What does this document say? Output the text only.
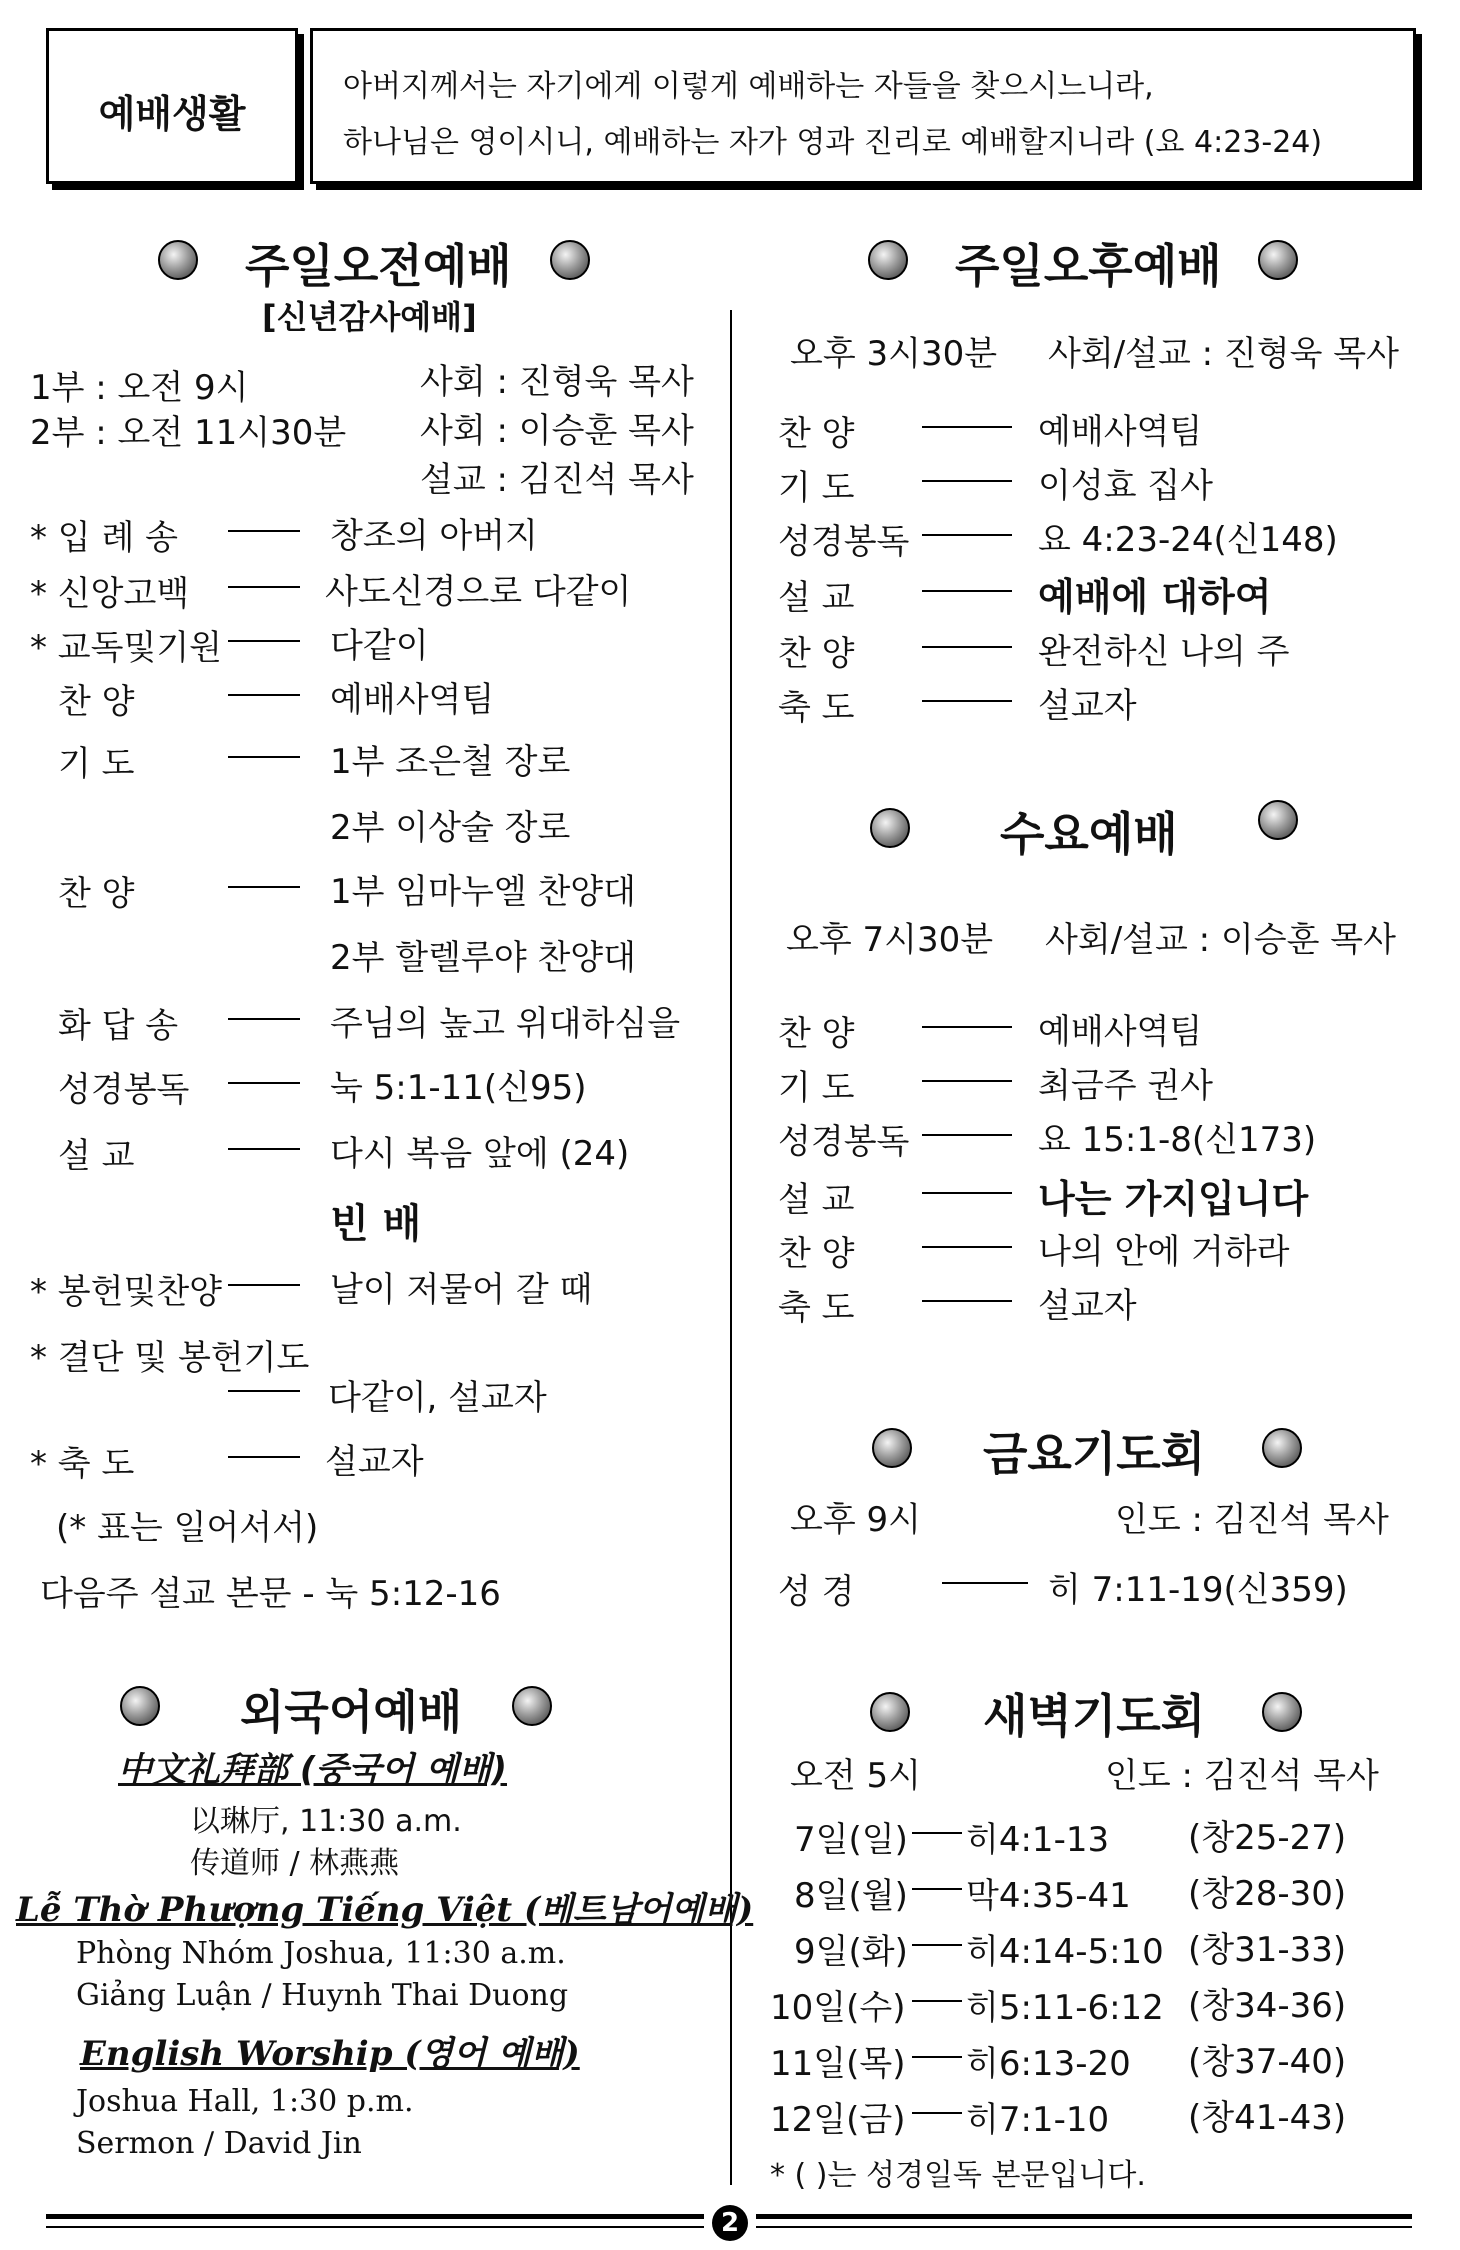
예배생활
아버지께서는 자기에게 이렇게 예배하는 자들을 찾으시느니라,
하나님은 영이시니, 예배하는 자가 영과 진리로 예배할지니라 (요 4:23-24)
주일오전예배
[신년감사예배]
1부 : 오전 9시	사회 : 진형욱 목사
2부 : 오전 11시30분 사회 : 이승훈 목사
설교 : 김진석 목사
* 입 례 송	창조의 아버지
* 신앙고백	사도신경으로 다같이
* 교독및기원	다같이
찬 양	예배사역팀
기 도	1부 조은철 장로
2부 이상술 장로
찬 양	1부 임마누엘 찬양대
2부 할렐루야 찬양대
화 답 송	주님의 높고 위대하심을
성경봉독	눅 5:1-11(신95)
설 교	다시 복음 앞에 (24)
빈 배
* 봉헌및찬양	날이 저물어 갈 때
* 결단 및 봉헌기도
다같이, 설교자
* 축 도	설교자
(* 표는 일어서서)
다음주 설교 본문 - 눅 5:12-16
외국어예배
中文礼拜部 (중국어 예배)
以琳厅, 11:30 a.m.
传道师 / 林燕燕
Lễ Thờ Phượng Tiếng Việt (베트남어예배)
Phòng Nhóm Joshua, 11:30 a.m.
Giảng Luận / Huynh Thai Duong
English Worship (영어 예배)
Joshua Hall, 1:30 p.m.
Sermon / David Jin
주일오후예배
오후 3시30분 사회/설교 : 진형욱 목사
찬 양	예배사역팀
기 도	이성효 집사
성경봉독	요 4:23-24(신148)
설 교	예배에 대하여
찬 양	완전하신 나의 주
축 도	설교자
수요예배
오후 7시30분 사회/설교 : 이승훈 목사
찬 양	예배사역팀
기 도	최금주 권사
성경봉독	요 15:1-8(신173)
설 교	나는 가지입니다
찬 양	나의 안에 거하라
축 도	설교자
금요기도회
오후 9시	인도 : 김진석 목사
성 경	히 7:11-19(신359)
새벽기도회
오전 5시	인도 : 김진석 목사
7일(일) 히4:1-13 (창25-27)
8일(월) 막4:35-41 (창28-30)
9일(화) 히4:14-5:10 (창31-33)
10일(수) 히5:11-6:12 (창34-36)
11일(목) 히6:13-20 (창37-40)
12일(금) 히7:1-10 (창41-43)
* ( )는 성경일독 본문입니다.
2
